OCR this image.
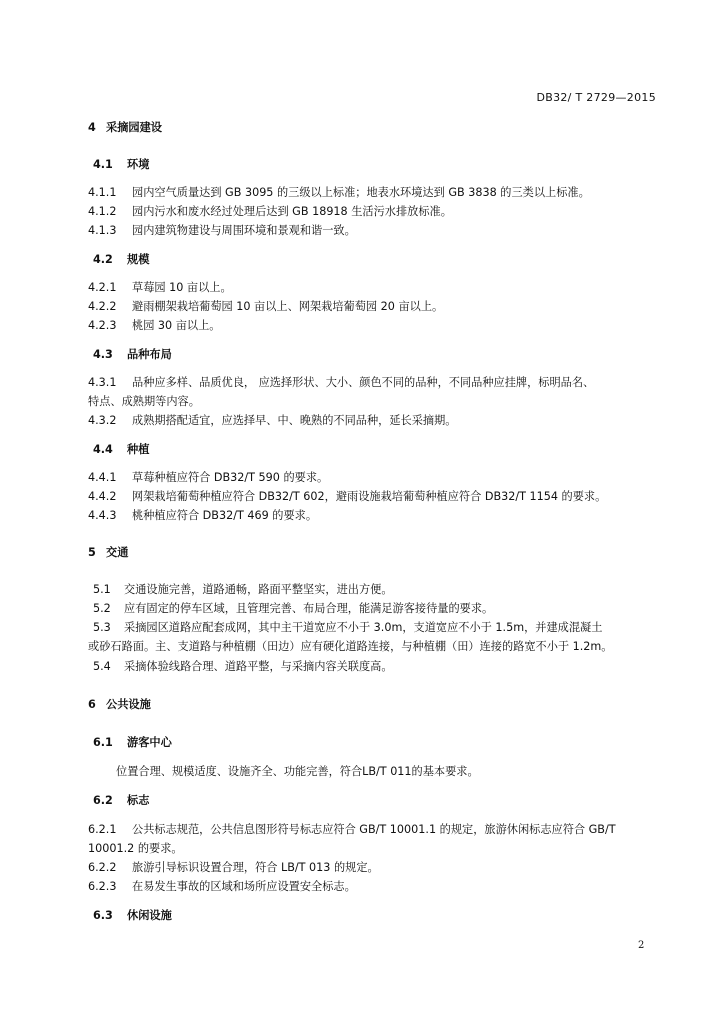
DB32/ T 2729—2015
4 采摘园建设
4.1 环境
4.1.1 园内空气质量达到 GB 3095 的三级以上标准；地表水环境达到 GB 3838 的三类以上标准。
4.1.2 园内污水和废水经过处理后达到 GB 18918 生活污水排放标准。
4.1.3 园内建筑物建设与周围环境和景观和谐一致。
4.2 规模
4.2.1 草莓园 10 亩以上。
4.2.2 避雨棚架栽培葡萄园 10 亩以上、网架栽培葡萄园 20 亩以上。
4.2.3 桃园 30 亩以上。
4.3 品种布局
4.3.1 品种应多样、品质优良， 应选择形状、大小、颜色不同的品种，不同品种应挂牌，标明品名、
特点、成熟期等内容。
4.3.2 成熟期搭配适宜，应选择早、中、晚熟的不同品种，延长采摘期。
4.4 种植
4.4.1 草莓种植应符合 DB32/T 590 的要求。
4.4.2 网架栽培葡萄种植应符合 DB32/T 602，避雨设施栽培葡萄种植应符合 DB32/T 1154 的要求。
4.4.3 桃种植应符合 DB32/T 469 的要求。
5 交通
5.1 交通设施完善，道路通畅，路面平整坚实，进出方便。
5.2 应有固定的停车区域，且管理完善、布局合理，能满足游客接待量的要求。
5.3 采摘园区道路应配套成网，其中主干道宽应不小于 3.0m，支道宽应不小于 1.5m，并建成混凝土
或砂石路面。主、支道路与种植棚（田边）应有硬化道路连接，与种植棚（田）连接的路宽不小于 1.2m。
5.4 采摘体验线路合理、道路平整，与采摘内容关联度高。
6 公共设施
6.1 游客中心
位置合理、规模适度、设施齐全、功能完善，符合LB/T 011的基本要求。
6.2 标志
6.2.1 公共标志规范，公共信息图形符号标志应符合 GB/T 10001.1 的规定，旅游休闲标志应符合 GB/T
10001.2 的要求。
6.2.2 旅游引导标识设置合理，符合 LB/T 013 的规定。
6.2.3 在易发生事故的区域和场所应设置安全标志。
6.3 休闲设施
2
